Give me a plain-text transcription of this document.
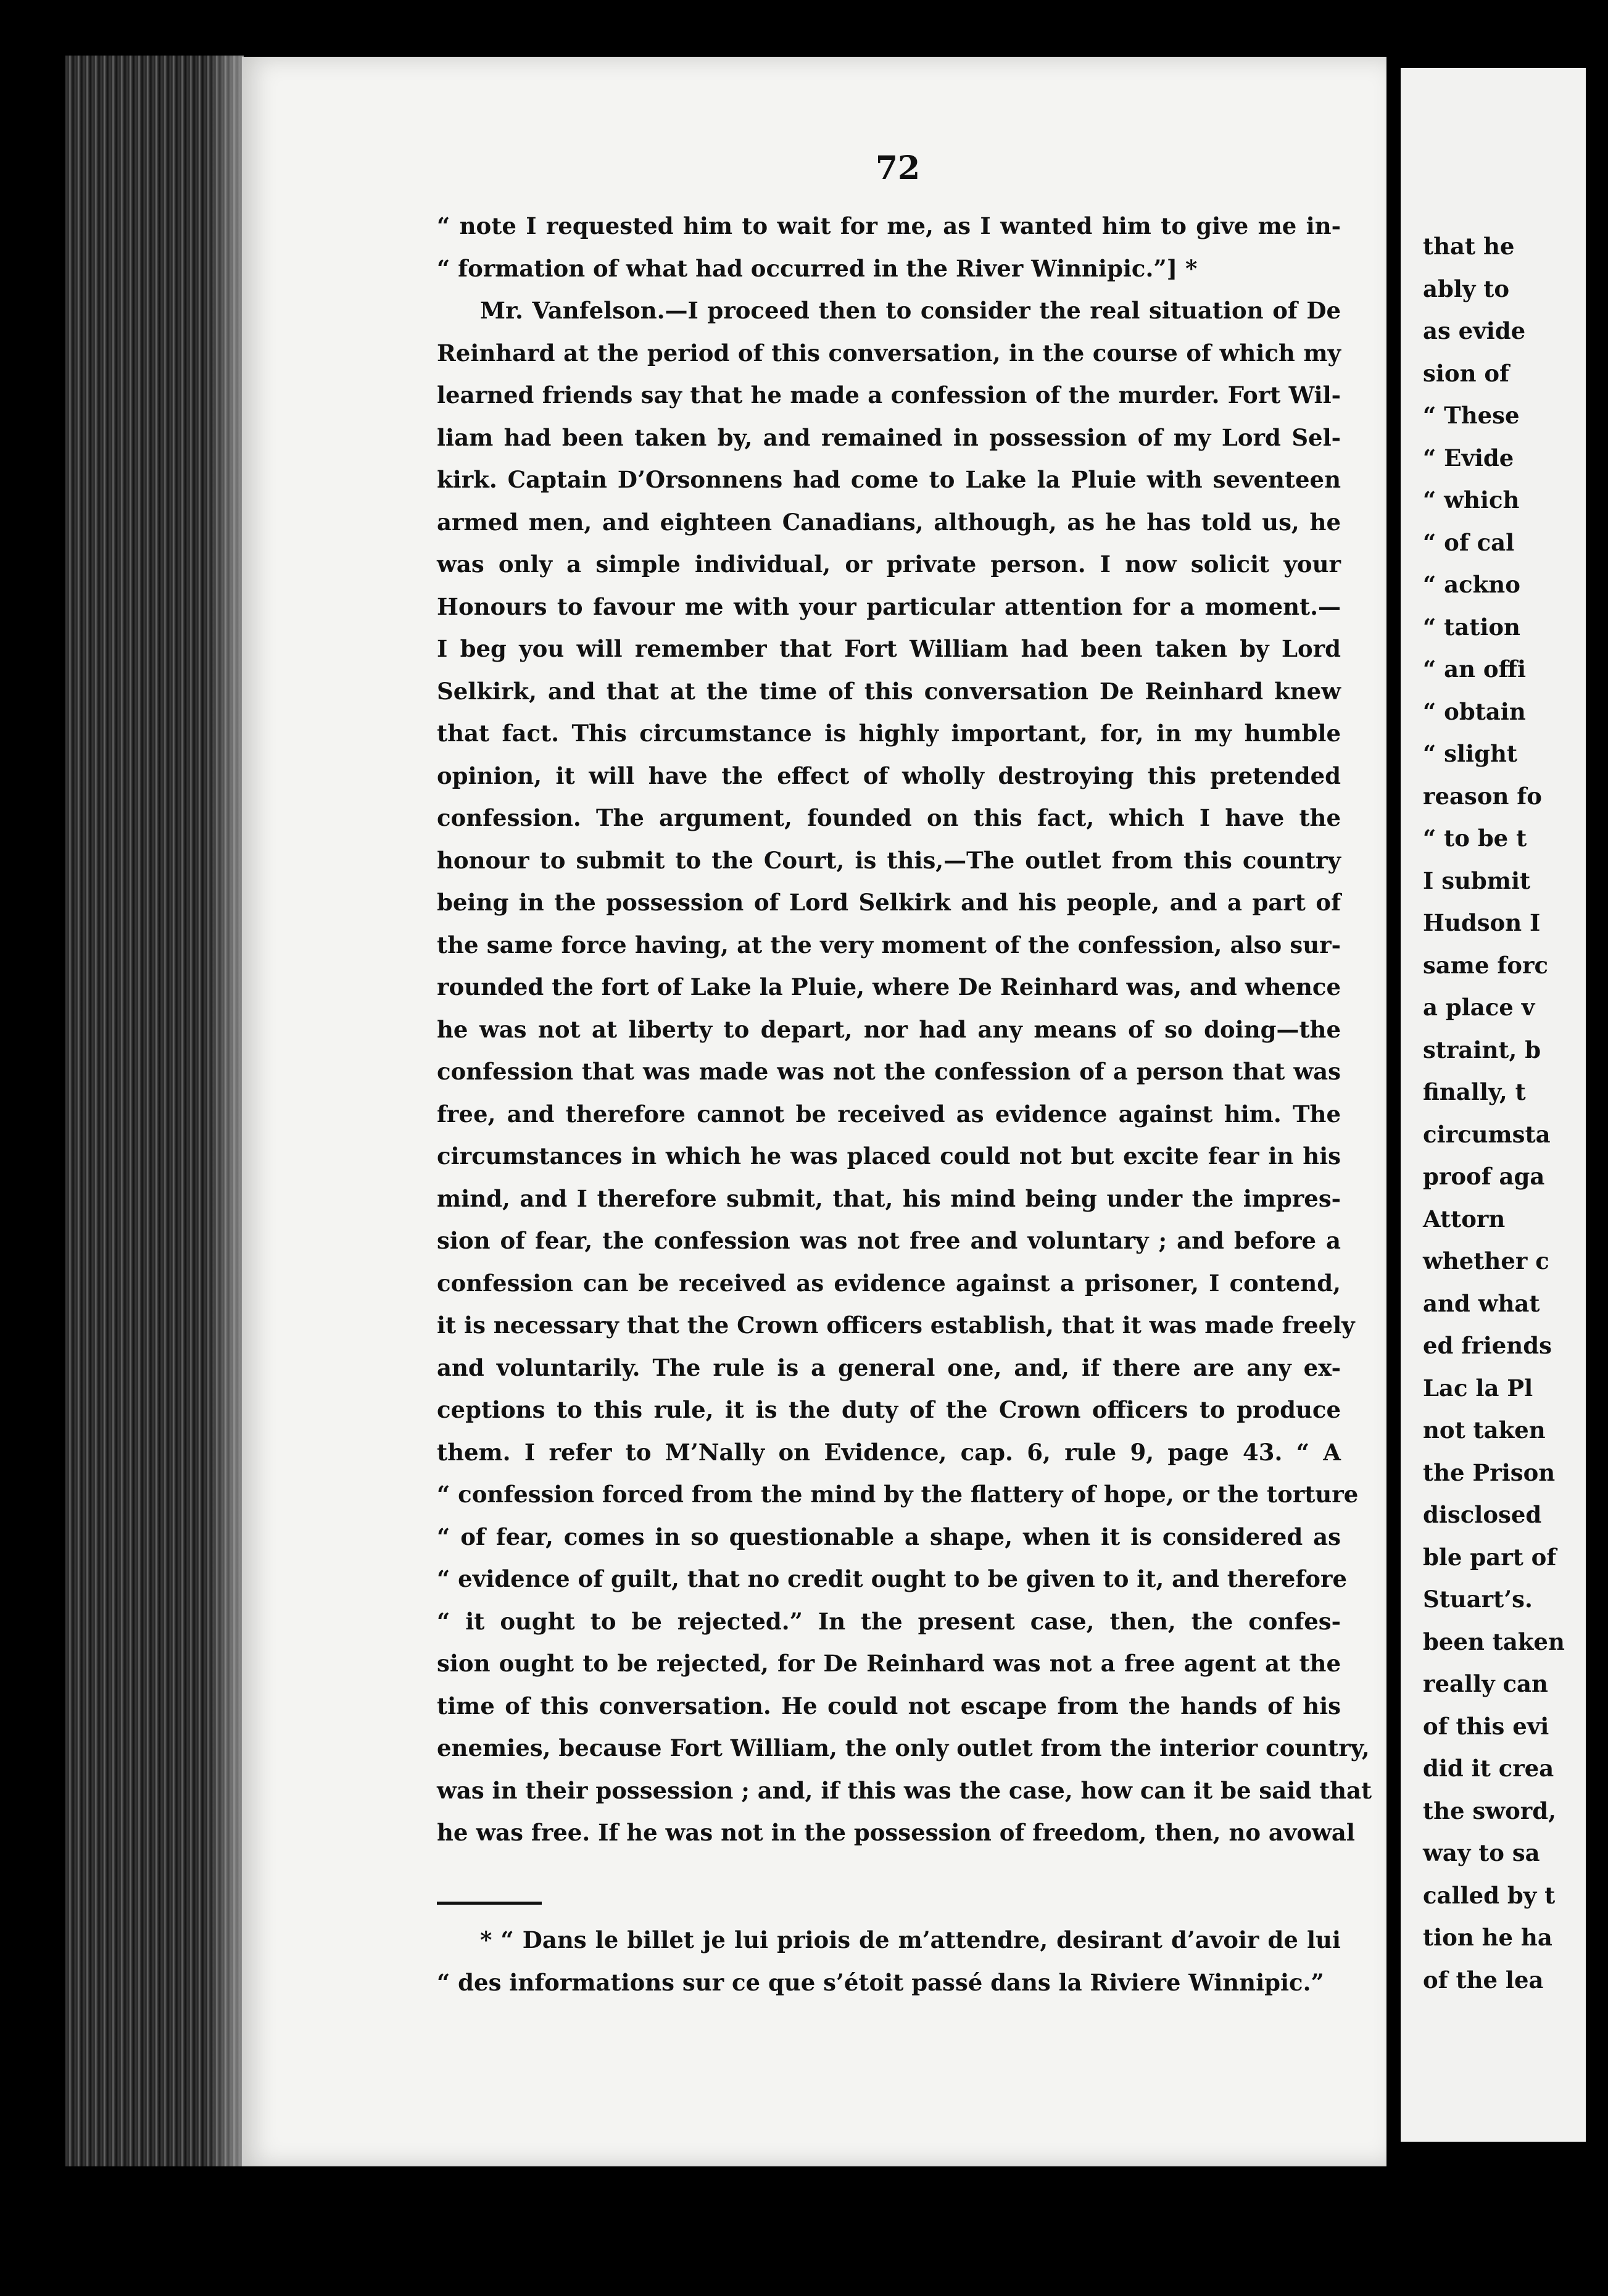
72
“ note I requested him to wait for me, as I wanted him to give me in-
“ formation of what had occurred in the River Winnipic.”] *
Mr. Vanfelson.—I proceed then to consider the real situation of De
Reinhard at the period of this conversation, in the course of which my
learned friends say that he made a confession of the murder. Fort Wil-
liam had been taken by, and remained in possession of my Lord Sel-
kirk. Captain D’Orsonnens had come to Lake la Pluie with seventeen
armed men, and eighteen Canadians, although, as he has told us, he
was only a simple individual, or private person. I now solicit your
Honours to favour me with your particular attention for a moment.—
I beg you will remember that Fort William had been taken by Lord
Selkirk, and that at the time of this conversation De Reinhard knew
that fact. This circumstance is highly important, for, in my humble
opinion, it will have the effect of wholly destroying this pretended
confession. The argument, founded on this fact, which I have the
honour to submit to the Court, is this,—The outlet from this country
being in the possession of Lord Selkirk and his people, and a part of
the same force having, at the very moment of the confession, also sur-
rounded the fort of Lake la Pluie, where De Reinhard was, and whence
he was not at liberty to depart, nor had any means of so doing—the
confession that was made was not the confession of a person that was
free, and therefore cannot be received as evidence against him. The
circumstances in which he was placed could not but excite fear in his
mind, and I therefore submit, that, his mind being under the impres-
sion of fear, the confession was not free and voluntary ; and before a
confession can be received as evidence against a prisoner, I contend,
it is necessary that the Crown officers establish, that it was made freely
and voluntarily. The rule is a general one, and, if there are any ex-
ceptions to this rule, it is the duty of the Crown officers to produce
them. I refer to M’Nally on Evidence, cap. 6, rule 9, page 43. “ A
“ confession forced from the mind by the flattery of hope, or the torture
“ of fear, comes in so questionable a shape, when it is considered as
“ evidence of guilt, that no credit ought to be given to it, and therefore
“ it ought to be rejected.” In the present case, then, the confes-
sion ought to be rejected, for De Reinhard was not a free agent at the
time of this conversation. He could not escape from the hands of his
enemies, because Fort William, the only outlet from the interior country,
was in their possession ; and, if this was the case, how can it be said that
he was free. If he was not in the possession of freedom, then, no avowal
* “ Dans le billet je lui priois de m’attendre, desirant d’avoir de lui
“ des informations sur ce que s’étoit passé dans la Riviere Winnipic.”
that he
ably to
as evide
sion of
“ These
“ Evide
“ which
“ of cal
“ ackno
“ tation
“ an offi
“ obtain
“ slight
reason fo
“ to be t
I submit
Hudson I
same forc
a place v
straint, b
finally, t
circumsta
proof aga
Attorn
whether c
and what
ed friends
Lac la Pl
not taken
the Prison
disclosed
ble part of
Stuart’s.
been taken
really can
of this evi
did it crea
the sword,
way to sa
called by t
tion he ha
of the lea
